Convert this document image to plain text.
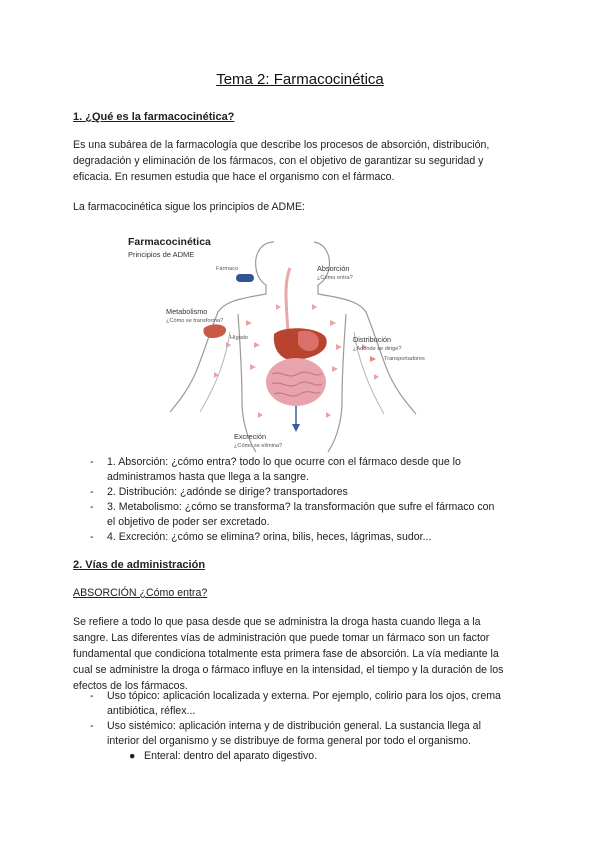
Tema 2: Farmacocinética
1. ¿Qué es la farmacocinética?
Es una subárea de la farmacología que describe los procesos de absorción, distribución,
degradación y eliminación de los fármacos, con el objetivo de garantizar su seguridad y
eficacia. En resumen estudia que hace el organismo con el fármaco.
La farmacocinética sigue los principios de ADME:
Farmacocinética
Principios de ADME
Fármaco	Absorción
¿Cómo entra?
Metabolismo
¿Cómo se transforma?
Hígado	Distribución
¿Adónde se dirige?
Transportadores
Excreción
¿Cómo se elimina?
- 1. Absorción: ¿cómo entra? todo lo que ocurre con el fármaco desde que lo
administramos hasta que llega a la sangre.
- 2. Distribución: ¿adónde se dirige? transportadores
- 3. Metabolismo: ¿cómo se transforma? la transformación que sufre el fármaco con
el objetivo de poder ser excretado.
- 4. Excreción: ¿cómo se elimina? orina, bilis, heces, lágrimas, sudor...
2. Vías de administración
ABSORCIÓN ¿Cómo entra?
Se refiere a todo lo que pasa desde que se administra la droga hasta cuando llega a la
sangre. Las diferentes vías de administración que puede tomar un fármaco son un factor
fundamental que condiciona totalmente esta primera fase de absorción. La vía mediante la
cual se administre la droga o fármaco influye en la intensidad, el tiempo y la duración de los
efectos de los fármacos.
- Uso tópico: aplicación localizada y externa. Por ejemplo, colirio para los ojos, crema
antibiótica, réflex...
- Uso sistémico: aplicación interna y de distribución general. La sustancia llega al
interior del organismo y se distribuye de forma general por todo el organismo.
● Enteral: dentro del aparato digestivo.
